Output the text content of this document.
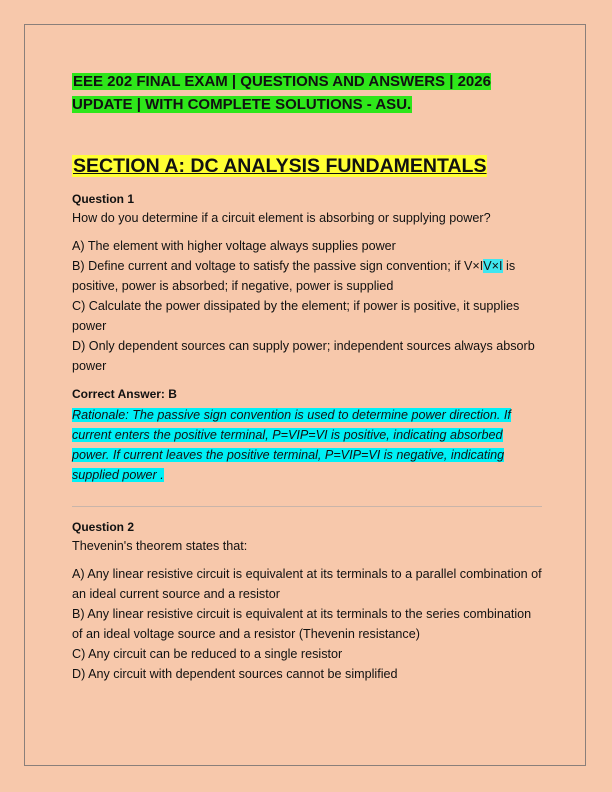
EEE 202 FINAL EXAM | QUESTIONS AND ANSWERS | 2026 UPDATE | WITH COMPLETE SOLUTIONS - ASU.
SECTION A: DC ANALYSIS FUNDAMENTALS
Question 1
How do you determine if a circuit element is absorbing or supplying power?
A) The element with higher voltage always supplies power
B) Define current and voltage to satisfy the passive sign convention; if V×IV×I is positive, power is absorbed; if negative, power is supplied
C) Calculate the power dissipated by the element; if power is positive, it supplies power
D) Only dependent sources can supply power; independent sources always absorb power
Correct Answer: B
Rationale: The passive sign convention is used to determine power direction. If current enters the positive terminal, P=VIP=VI is positive, indicating absorbed power. If current leaves the positive terminal, P=VIP=VI is negative, indicating supplied power .
Question 2
Thevenin's theorem states that:
A) Any linear resistive circuit is equivalent at its terminals to a parallel combination of an ideal current source and a resistor
B) Any linear resistive circuit is equivalent at its terminals to the series combination of an ideal voltage source and a resistor (Thevenin resistance)
C) Any circuit can be reduced to a single resistor
D) Any circuit with dependent sources cannot be simplified
